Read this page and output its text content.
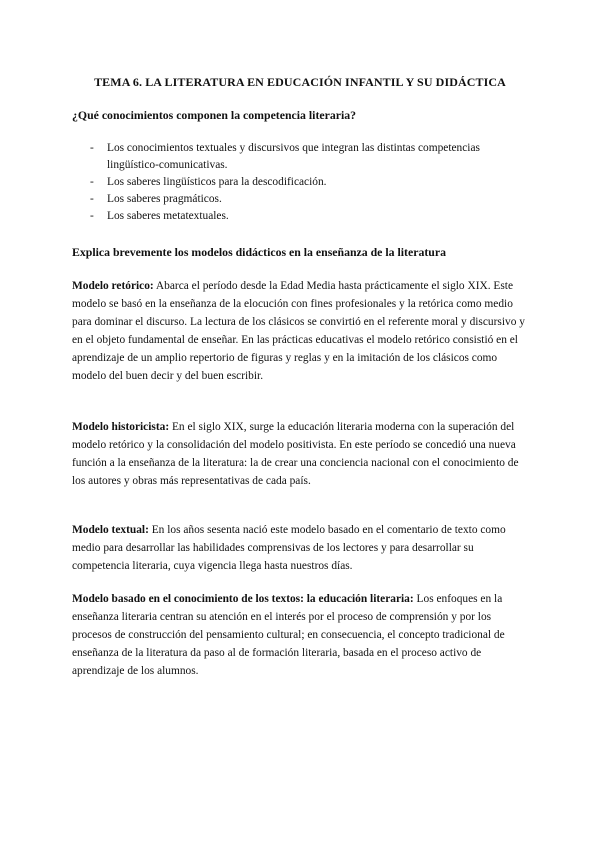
TEMA 6. LA LITERATURA EN EDUCACIÓN INFANTIL Y SU DIDÁCTICA
¿Qué conocimientos componen la competencia literaria?
- Los conocimientos textuales y discursivos que integran las distintas competencias lingüístico-comunicativas.
- Los saberes lingüísticos para la descodificación.
- Los saberes pragmáticos.
- Los saberes metatextuales.
Explica brevemente los modelos didácticos en la enseñanza de la literatura

Modelo retórico: Abarca el período desde la Edad Media hasta prácticamente el siglo XIX. Este modelo se basó en la enseñanza de la elocución con fines profesionales y la retórica como medio para dominar el discurso. La lectura de los clásicos se convirtió en el referente moral y discursivo y en el objeto fundamental de enseñar. En las prácticas educativas el modelo retórico consistió en el aprendizaje de un amplio repertorio de figuras y reglas y en la imitación de los clásicos como modelo del buen decir y del buen escribir.

Modelo historicista: En el siglo XIX, surge la educación literaria moderna con la superación del modelo retórico y la consolidación del modelo positivista. En este período se concedió una nueva función a la enseñanza de la literatura: la de crear una conciencia nacional con el conocimiento de los autores y obras más representativas de cada país.

Modelo textual: En los años sesenta nació este modelo basado en el comentario de texto como medio para desarrollar las habilidades comprensivas de los lectores y para desarrollar su competencia literaria, cuya vigencia llega hasta nuestros días.

Modelo basado en el conocimiento de los textos: la educación literaria: Los enfoques en la enseñanza literaria centran su atención en el interés por el proceso de comprensión y por los procesos de construcción del pensamiento cultural; en consecuencia, el concepto tradicional de enseñanza de la literatura da paso al de formación literaria, basada en el proceso activo de aprendizaje de los alumnos.
